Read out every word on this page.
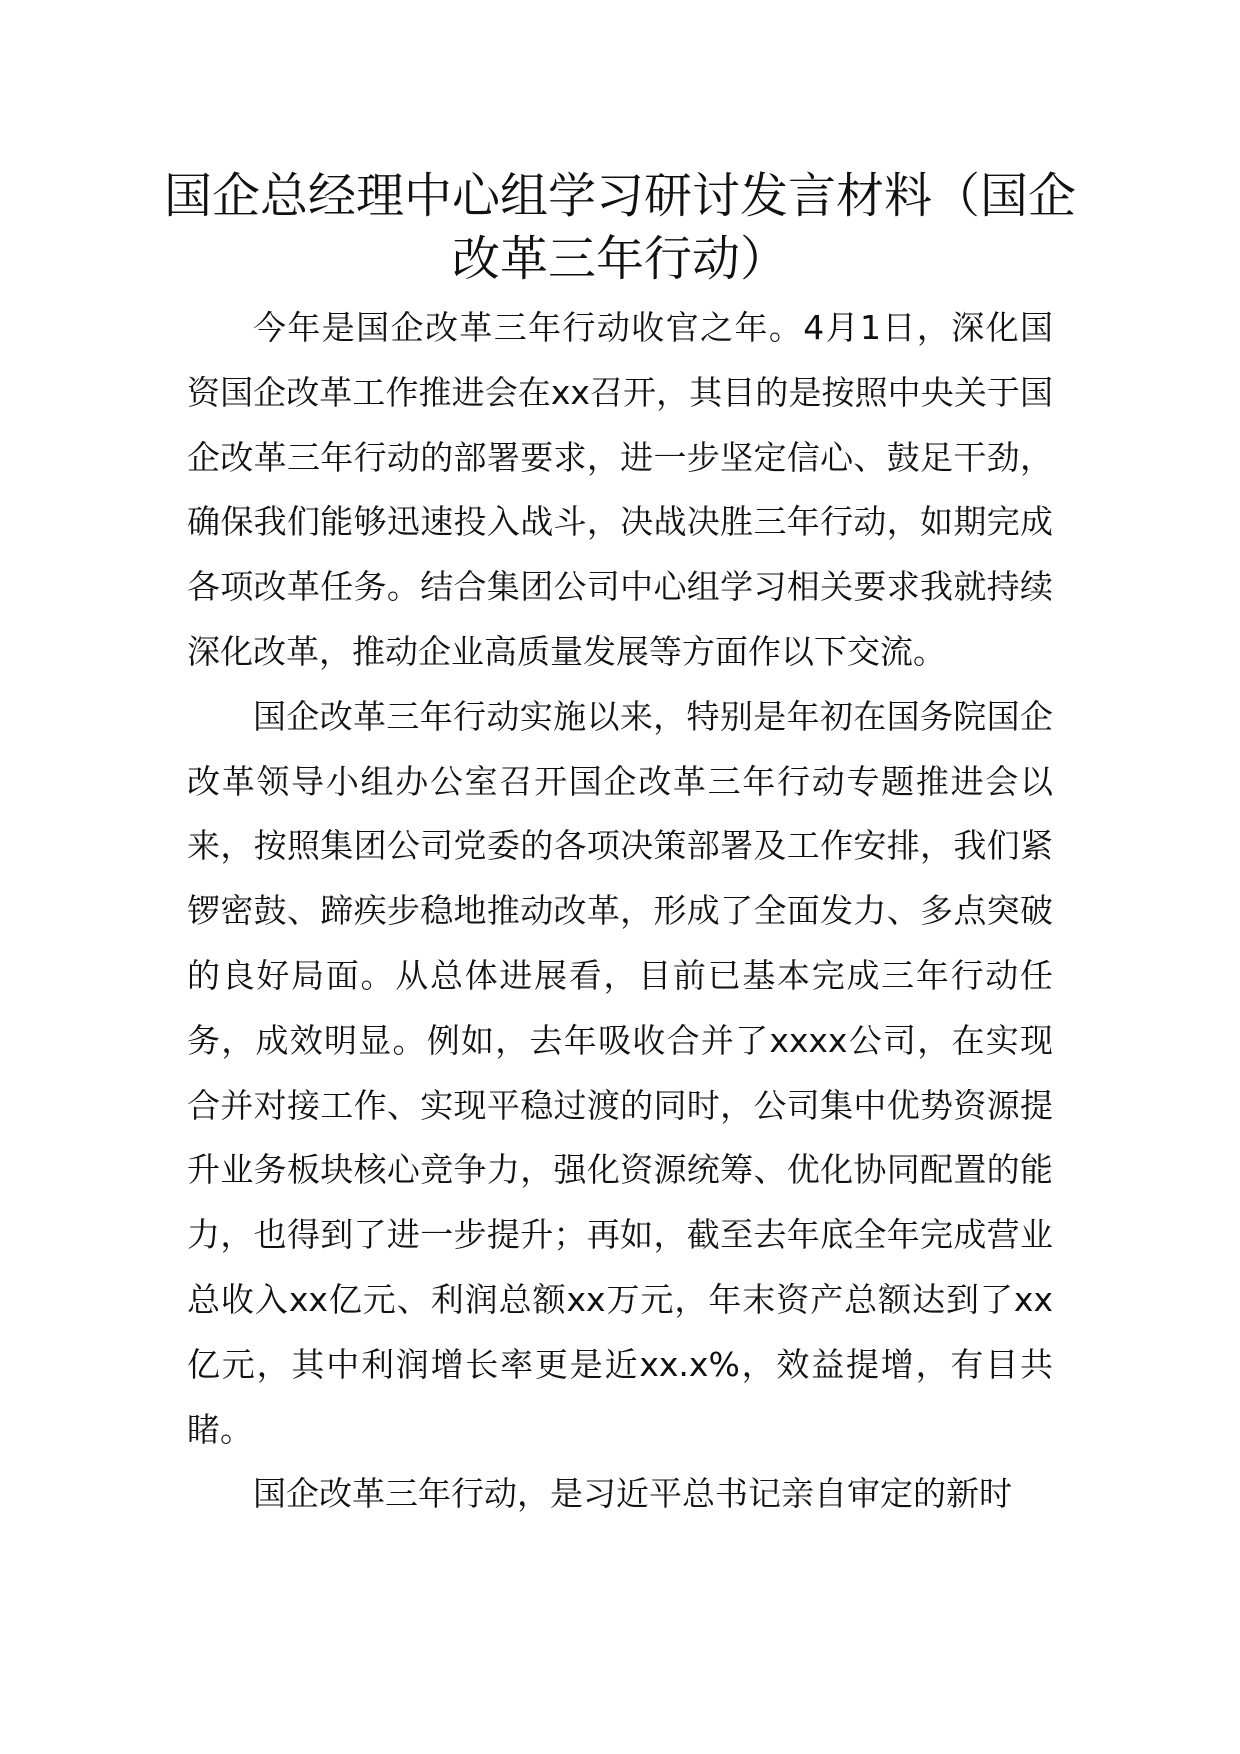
国企总经理中心组学习研讨发言材料（国企改革三年行动）

今年是国企改革三年行动收官之年。4月1日，深化国资国企改革工作推进会在xx召开，其目的是按照中央关于国企改革三年行动的部署要求，进一步坚定信心、鼓足干劲，确保我们能够迅速投入战斗，决战决胜三年行动，如期完成各项改革任务。结合集团公司中心组学习相关要求我就持续深化改革，推动企业高质量发展等方面作以下交流。

国企改革三年行动实施以来，特别是年初在国务院国企改革领导小组办公室召开国企改革三年行动专题推进会以来，按照集团公司党委的各项决策部署及工作安排，我们紧锣密鼓、蹄疾步稳地推动改革，形成了全面发力、多点突破的良好局面。从总体进展看，目前已基本完成三年行动任务，成效明显。例如，去年吸收合并了xxxx公司，在实现合并对接工作、实现平稳过渡的同时，公司集中优势资源提升业务板块核心竞争力，强化资源统筹、优化协同配置的能力，也得到了进一步提升；再如，截至去年底全年完成营业总收入xx亿元、利润总额xx万元，年末资产总额达到了xx亿元，其中利润增长率更是近xx.x%，效益提增，有目共睹。

国企改革三年行动，是习近平总书记亲自审定的新时
